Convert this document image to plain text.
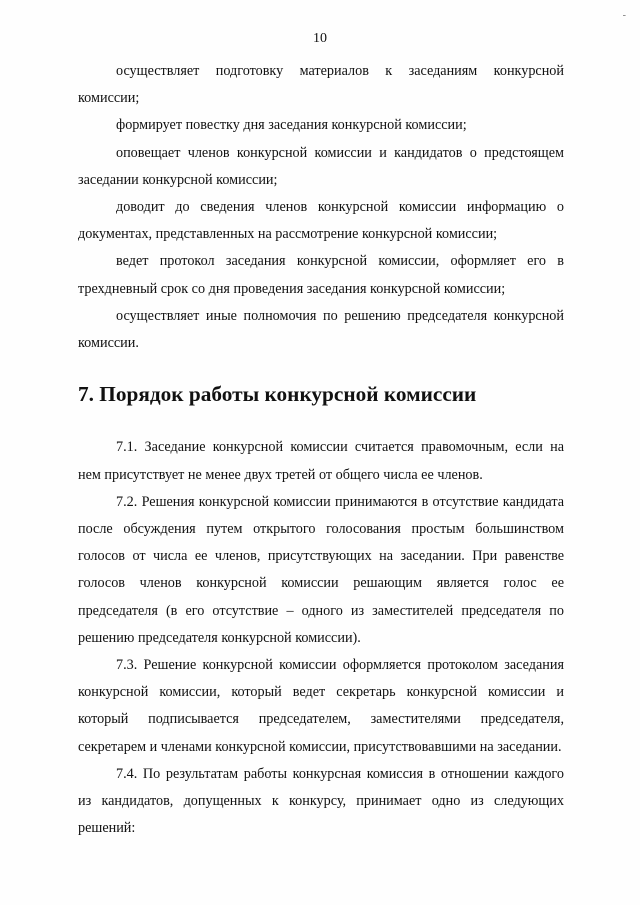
-
10

осуществляет подготовку материалов к заседаниям конкурсной комиссии;

формирует повестку дня заседания конкурсной комиссии;

оповещает членов конкурсной комиссии и кандидатов о предстоящем заседании конкурсной комиссии;

доводит до сведения членов конкурсной комиссии информацию о документах, представленных на рассмотрение конкурсной комиссии;

ведет протокол заседания конкурсной комиссии, оформляет его в трехдневный срок со дня проведения заседания конкурсной комиссии;

осуществляет иные полномочия по решению председателя конкурсной комиссии.

7. Порядок работы конкурсной комиссии

7.1. Заседание конкурсной комиссии считается правомочным, если на нем присутствует не менее двух третей от общего числа ее членов.

7.2. Решения конкурсной комиссии принимаются в отсутствие кандидата после обсуждения путем открытого голосования простым большинством голосов от числа ее членов, присутствующих на заседании. При равенстве голосов членов конкурсной комиссии решающим является голос ее председателя (в его отсутствие – одного из заместителей председателя по решению председателя конкурсной комиссии).

7.3. Решение конкурсной комиссии оформляется протоколом заседания конкурсной комиссии, который ведет секретарь конкурсной комиссии и который подписывается председателем, заместителями председателя, секретарем и членами конкурсной комиссии, присутствовавшими на заседании.

7.4. По результатам работы конкурсная комиссия в отношении каждого из кандидатов, допущенных к конкурсу, принимает одно из следующих решений:
